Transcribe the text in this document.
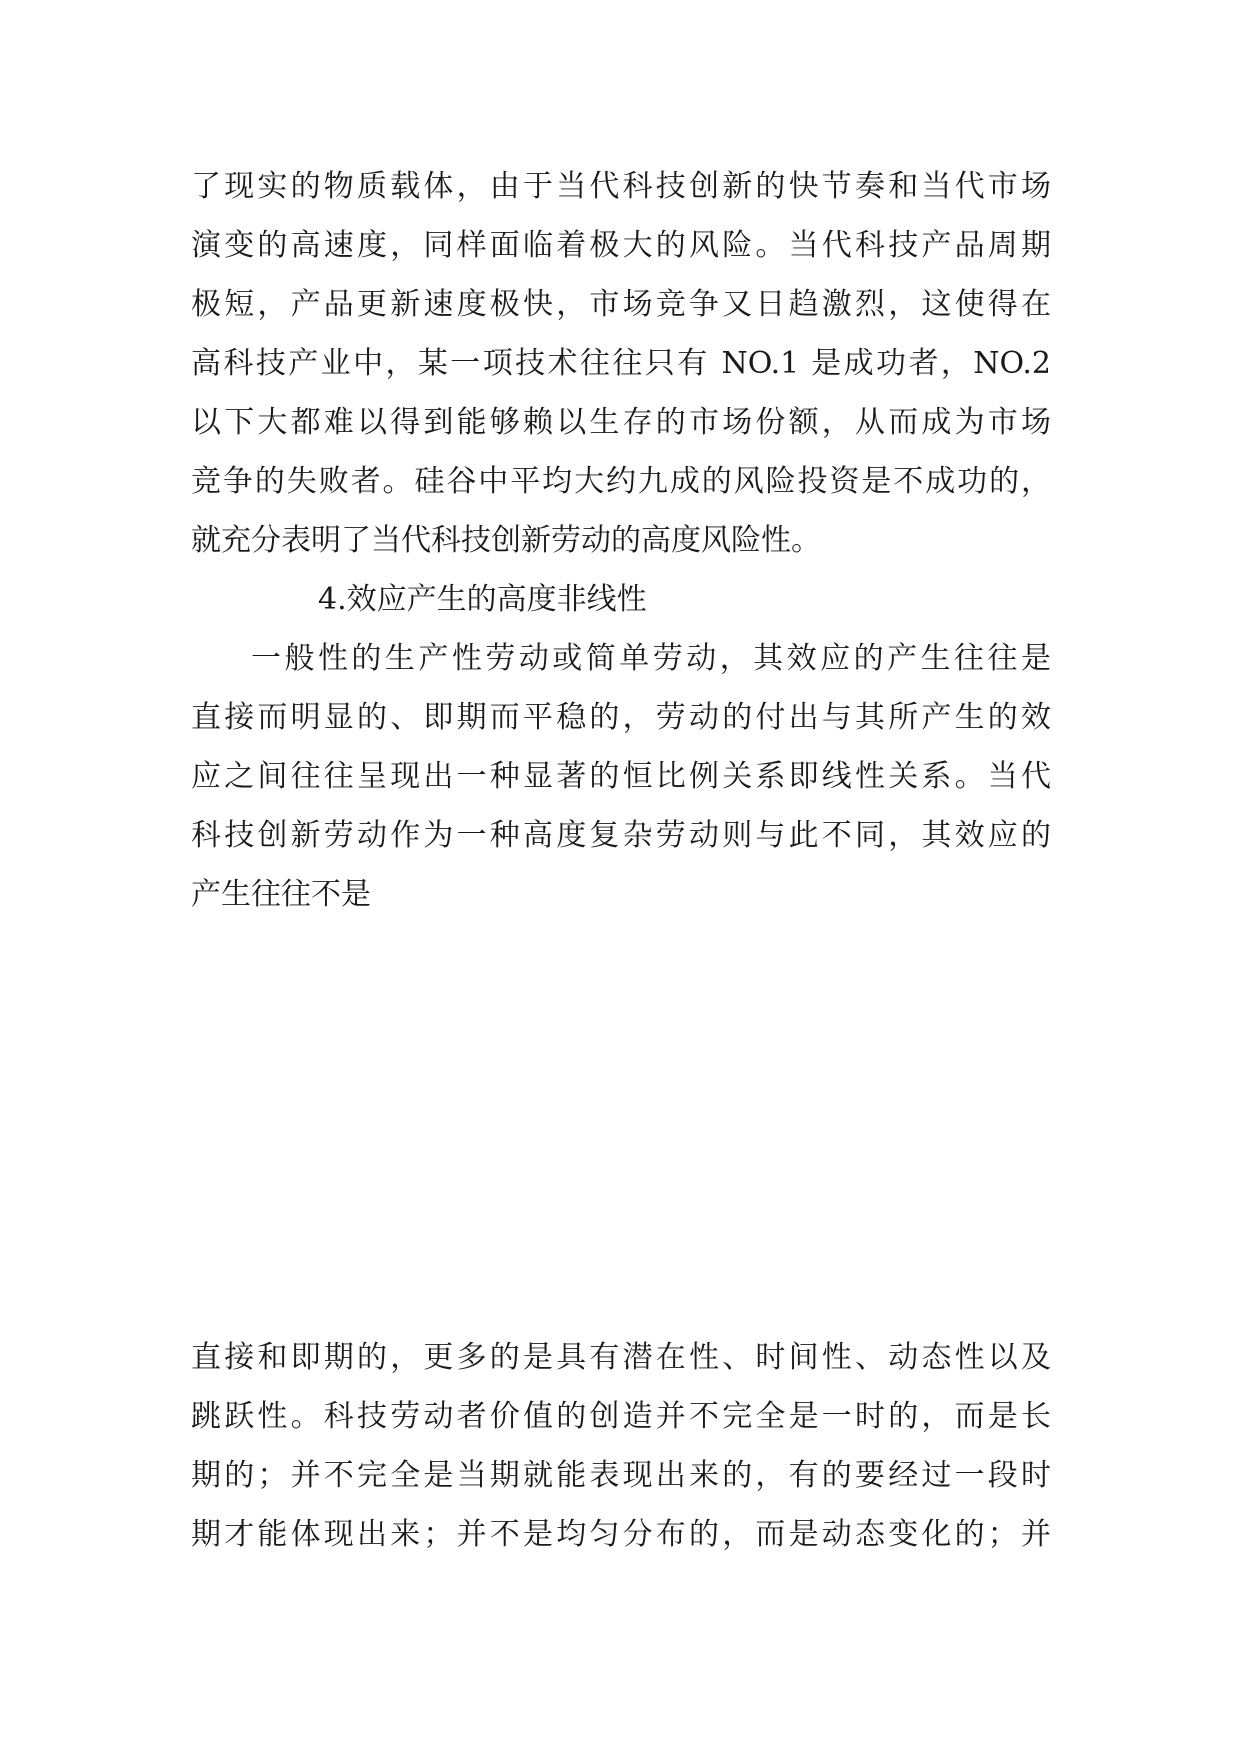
了现实的物质载体，由于当代科技创新的快节奏和当代市场
演变的高速度，同样面临着极大的风险。当代科技产品周期
极短，产品更新速度极快，市场竞争又日趋激烈，这使得在
高科技产业中，某一项技术往往只有 NO.1 是成功者，NO.2
以下大都难以得到能够赖以生存的市场份额，从而成为市场
竞争的失败者。硅谷中平均大约九成的风险投资是不成功的，
就充分表明了当代科技创新劳动的高度风险性。
4.效应产生的高度非线性
一般性的生产性劳动或简单劳动，其效应的产生往往是
直接而明显的、即期而平稳的，劳动的付出与其所产生的效
应之间往往呈现出一种显著的恒比例关系即线性关系。当代
科技创新劳动作为一种高度复杂劳动则与此不同，其效应的
产生往往不是
直接和即期的，更多的是具有潜在性、时间性、动态性以及
跳跃性。科技劳动者价值的创造并不完全是一时的，而是长
期的；并不完全是当期就能表现出来的，有的要经过一段时
期才能体现出来；并不是均匀分布的，而是动态变化的；并
